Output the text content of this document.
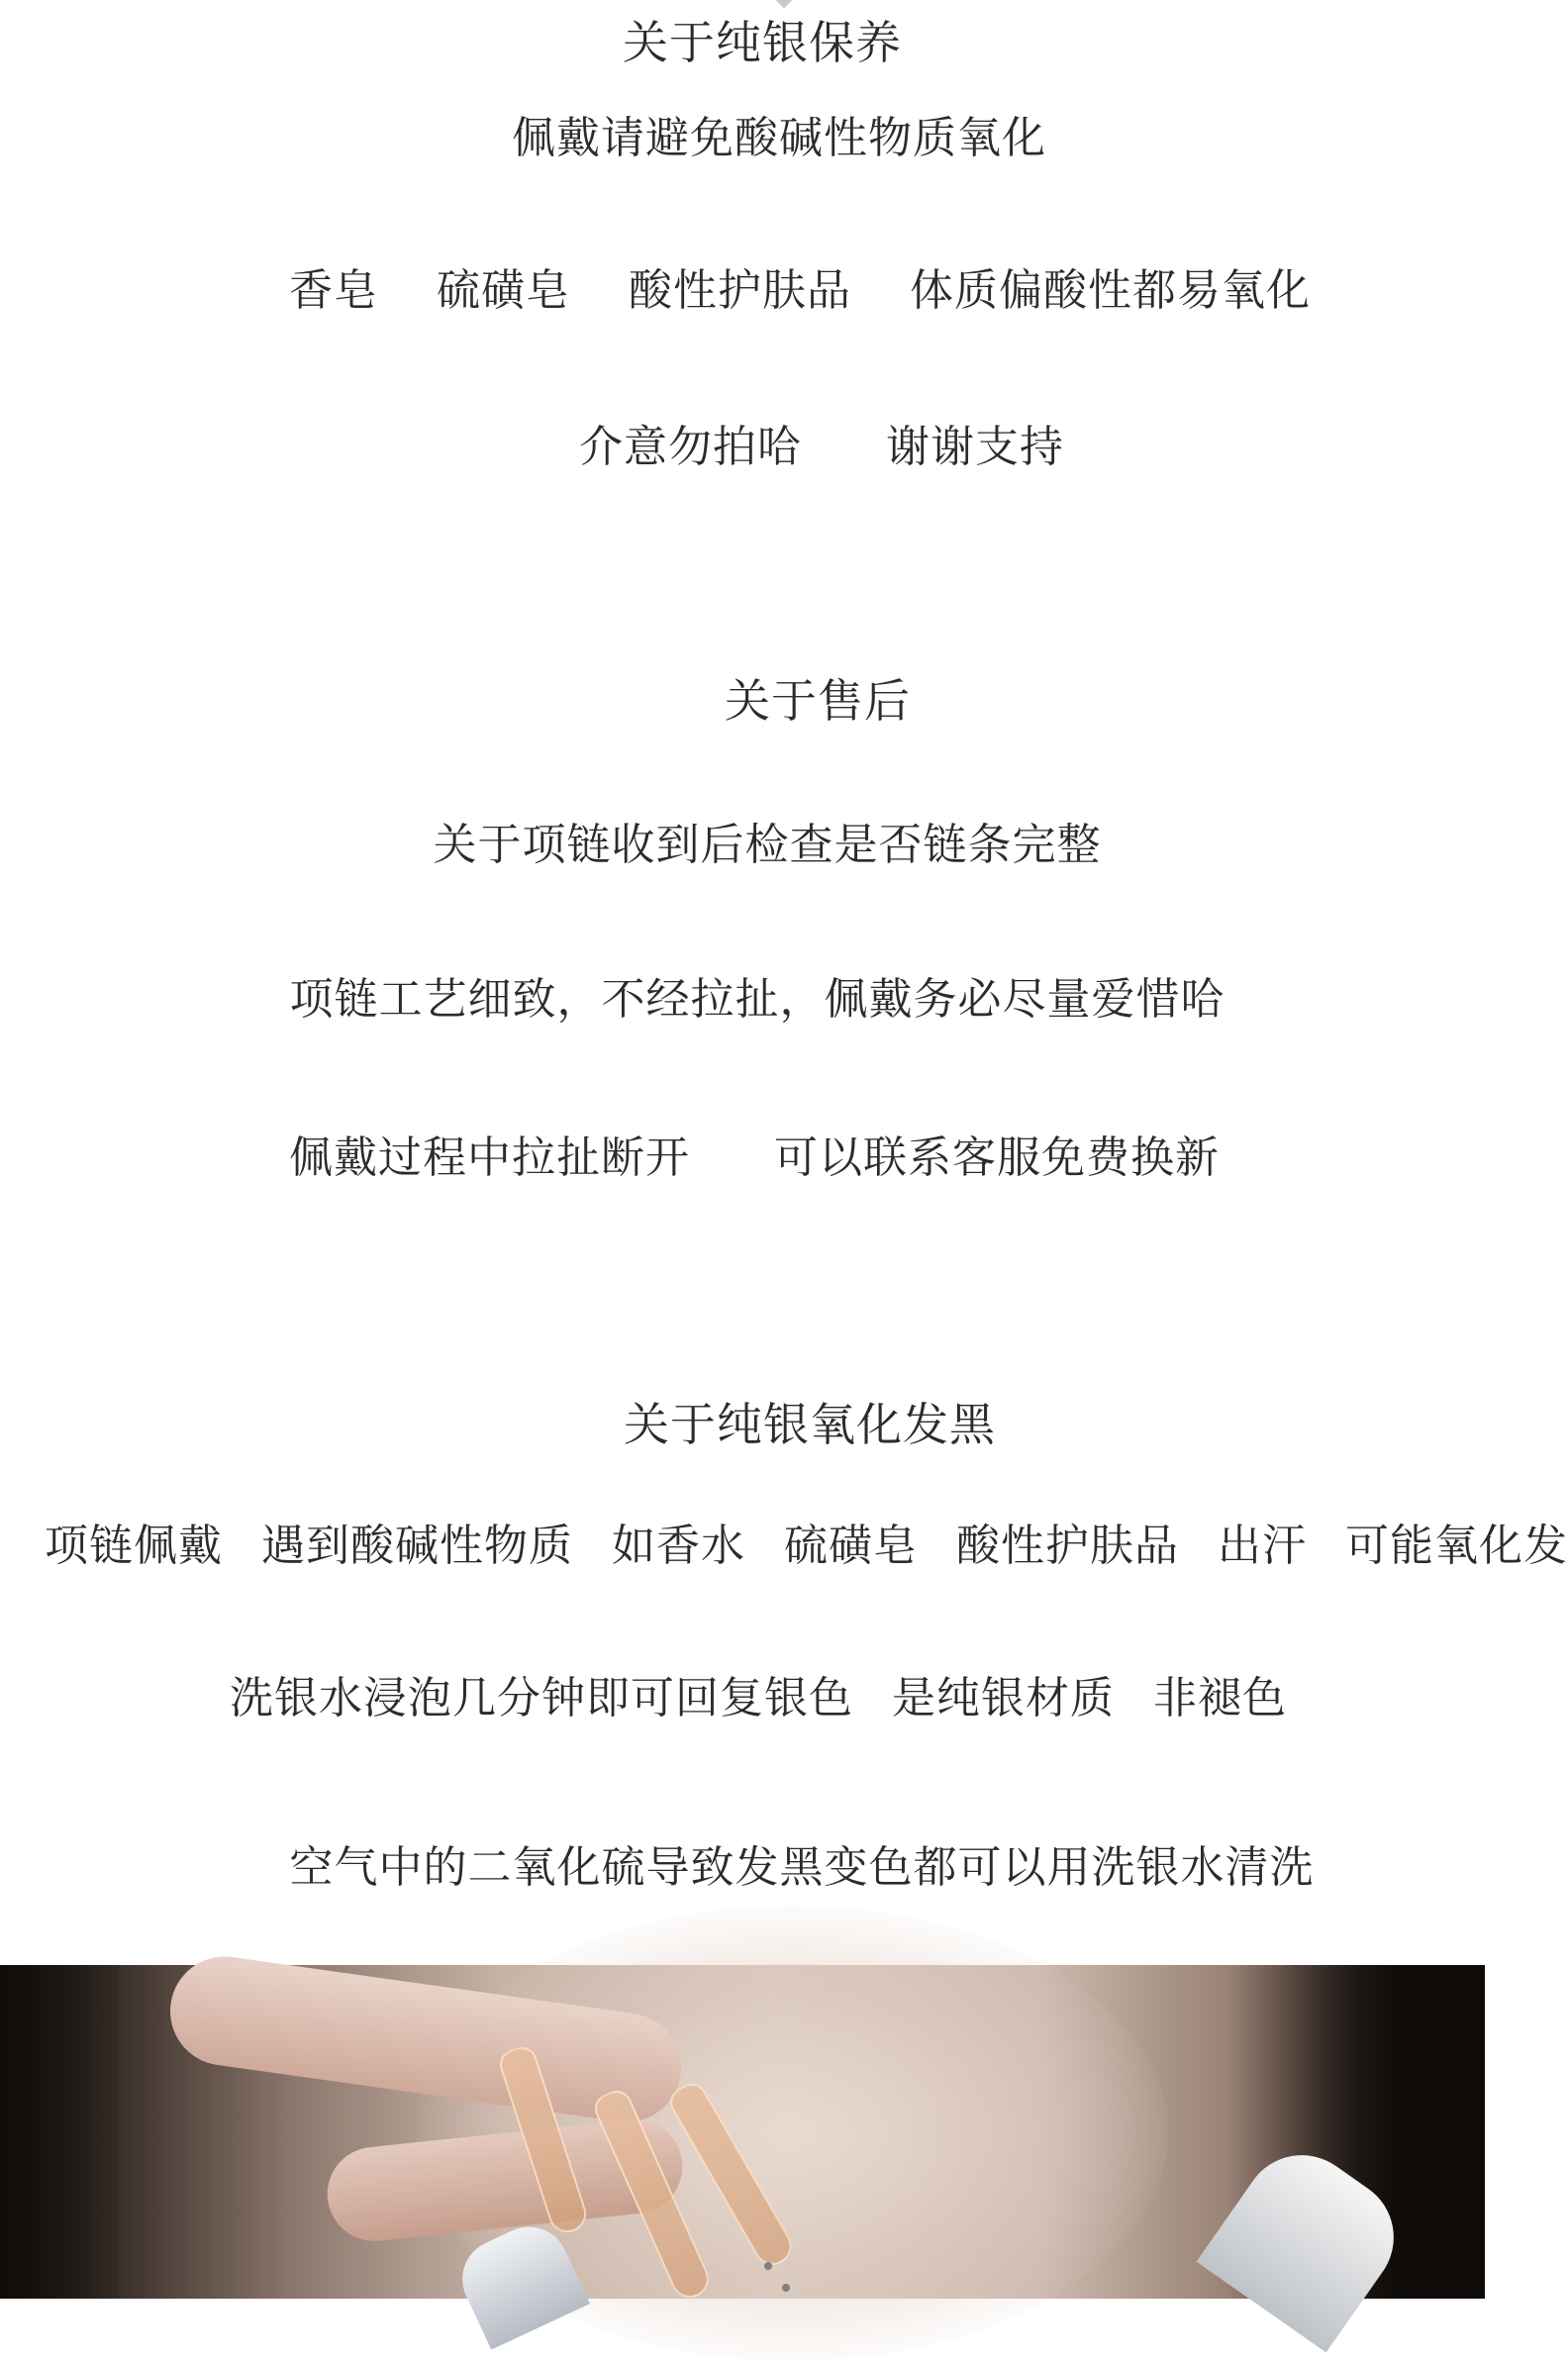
关于纯银保养
佩戴请避免酸碱性物质氧化
香皂 硫磺皂 酸性护肤品 体质偏酸性都易氧化
介意勿拍哈 谢谢支持
关于售后
关于项链收到后检查是否链条完整
项链工艺细致，不经拉扯，佩戴务必尽量爱惜哈
佩戴过程中拉扯断开 可以联系客服免费换新
关于纯银氧化发黑
项链佩戴 遇到酸碱性物质 如香水 硫磺皂 酸性护肤品 出汗 可能氧化发
洗银水浸泡几分钟即可回复银色 是纯银材质 非褪色
空气中的二氧化硫导致发黑变色都可以用洗银水清洗
